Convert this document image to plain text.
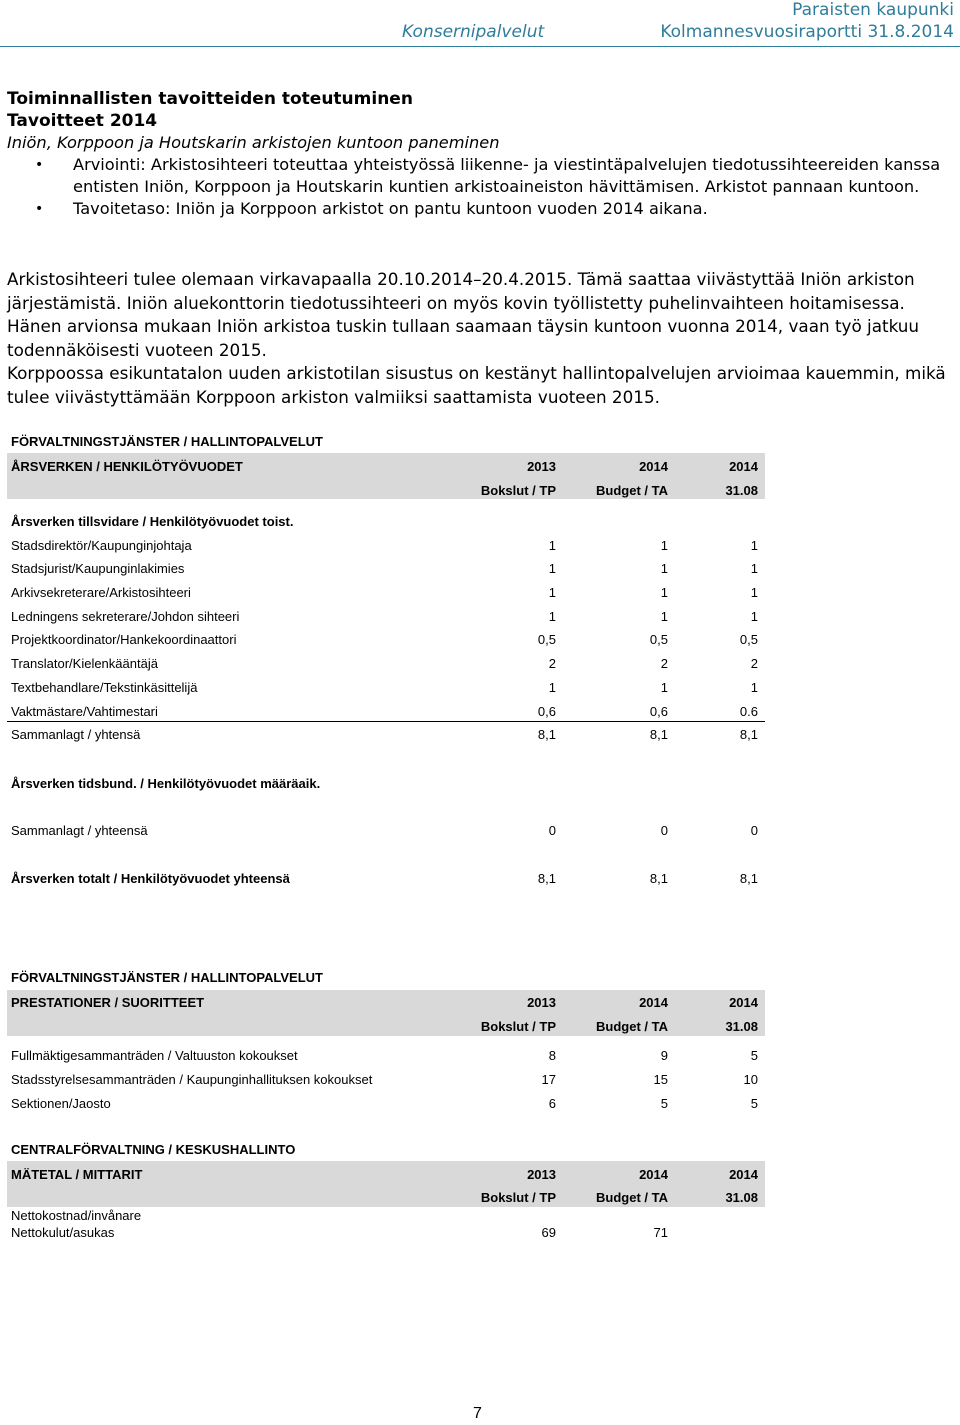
Paraisten kaupunki
Konsernipalvelut	Kolmannesvuosiraportti 31.8.2014
Toiminnallisten tavoitteiden toteutuminen
Tavoitteet 2014
Iniön, Korppoon ja Houtskarin arkistojen kuntoon paneminen
• Arviointi: Arkistosihteeri toteuttaa yhteistyössä liikenne- ja viestintäpalvelujen tiedotussihteereiden kanssa entisten Iniön, Korppoon ja Houtskarin kuntien arkistoaineiston hävittämisen. Arkistot pannaan kuntoon.
• Tavoitetaso: Iniön ja Korppoon arkistot on pantu kuntoon vuoden 2014 aikana.
Arkistosihteeri tulee olemaan virkavapaalla 20.10.2014–20.4.2015. Tämä saattaa viivästyttää Iniön arkiston järjestämistä. Iniön aluekonttorin tiedotussihteeri on myös kovin työllistetty puhelinvaihteen hoitamisessa. Hänen arvionsa mukaan Iniön arkistoa tuskin tullaan saamaan täysin kuntoon vuonna 2014, vaan työ jatkuu todennäköisesti vuoteen 2015.
Korppoossa esikuntatalon uuden arkistotilan sisustus on kestänyt hallintopalvelujen arvioimaa kauemmin, mikä tulee viivästyttämään Korppoon arkiston valmiiksi saattamista vuoteen 2015.
FÖRVALTNINGSTJÄNSTER / HALLINTOPALVELUT
ÅRSVERKEN / HENKILÖTYÖVUODET	2013	2014	2014
Bokslut / TP	Budget / TA	31.08
Årsverken tillsvidare / Henkilötyövuodet toist.
Stadsdirektör/Kaupunginjohtaja	1	1	1
Stadsjurist/Kaupunginlakimies	1	1	1
Arkivsekreterare/Arkistosihteeri	1	1	1
Ledningens sekreterare/Johdon sihteeri	1	1	1
Projektkoordinator/Hankekoordinaattori	0,5	0,5	0,5
Translator/Kielenkääntäjä	2	2	2
Textbehandlare/Tekstinkäsittelijä	1	1	1
Vaktmästare/Vahtimestari	0,6	0,6	0.6
Sammanlagt / yhtensä	8,1	8,1	8,1
Årsverken tidsbund. / Henkilötyövuodet määräaik.
Sammanlagt / yhteensä	0	0	0
Årsverken totalt / Henkilötyövuodet yhteensä	8,1	8,1	8,1
FÖRVALTNINGSTJÄNSTER / HALLINTOPALVELUT
PRESTATIONER / SUORITTEET	2013	2014	2014
Bokslut / TP	Budget / TA	31.08
Fullmäktigesammanträden / Valtuuston kokoukset	8	9	5
Stadsstyrelsesammanträden / Kaupunginhallituksen kokoukset	17	15	10
Sektionen/Jaosto	6	5	5
CENTRALFÖRVALTNING / KESKUSHALLINTO
MÄTETAL / MITTARIT	2013	2014	2014
Bokslut / TP	Budget / TA	31.08
Nettokostnad/invånare
Nettokulut/asukas	69	71
7
